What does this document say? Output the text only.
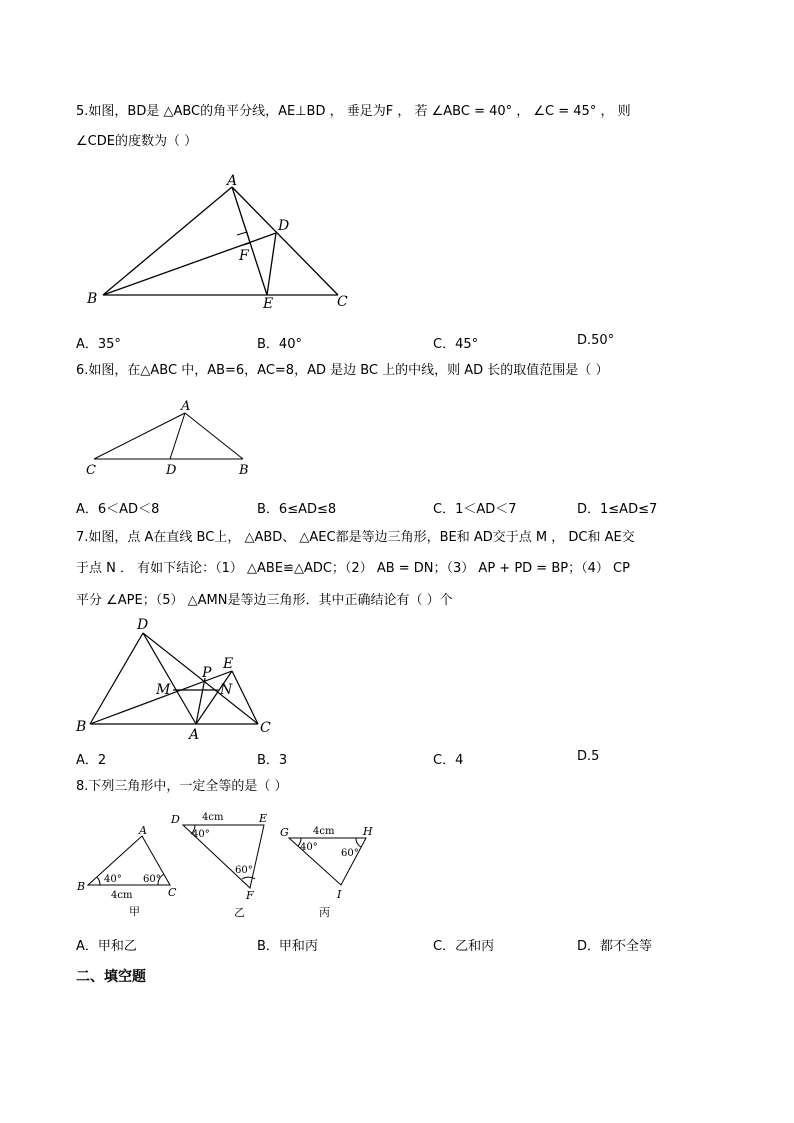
5.如图，BD是 △ABC的角平分线，AE⊥BD ， 垂足为F ， 若 ∠ABC = 40° ， ∠C = 45° ， 则
∠CDE的度数为（ ）
A
B	C
D
E
F
A．35°	B．40°	C．45°	D.50°
6.如图，在△ABC 中，AB=6，AC=8，AD 是边 BC 上的中线，则 AD 长的取值范围是（ ）
A
C	D	B
A．6＜AD＜8	B．6≤AD≤8	C．1＜AD＜7	D．1≤AD≤7
7.如图，点 A在直线 BC上， △ABD、 △AEC都是等边三角形，BE和 AD交于点 M ， DC和 AE交
于点 N ． 有如下结论：（1） △ABE≌△ADC；（2） AB = DN；（3） AP + PD = BP；（4） CP
平分 ∠APE；（5） △AMN是等边三角形．其中正确结论有（ ）个
D
B	A	C
E
P
M	N
A．2	B．3	C．4	D.5
8.下列三角形中，一定全等的是（ ）
A
B	C
40° 60°
4cm
甲
D	E
F
4cm
40°
60°
乙
G	H
I
4cm
40°
60°
丙
A．甲和乙	B．甲和丙	C．乙和丙	D．都不全等
二、填空题
